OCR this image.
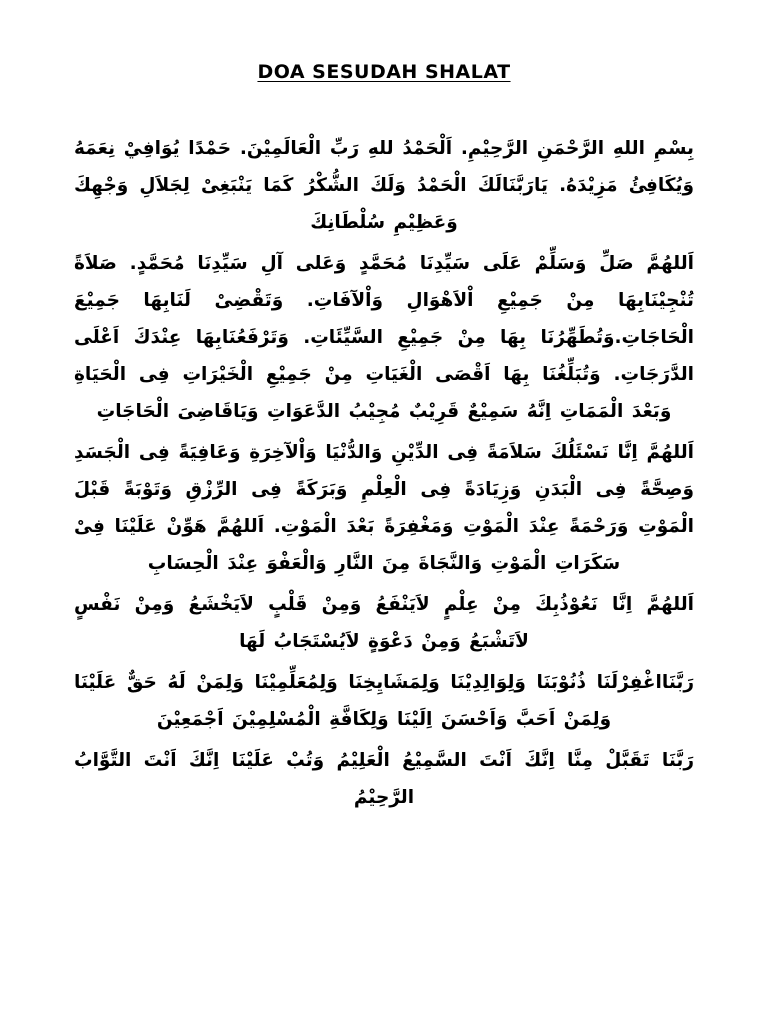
DOA SESUDAH SHALAT

بِسْمِ اللهِ الرَّحْمَنِ الرَّحِيْمِ. اَلْحَمْدُ للهِ رَبِّ الْعَالَمِيْنَ. حَمْدًا يُوَافِيْ نِعَمَهُ وَيُكَافِئُ مَزِيْدَهُ. يَارَبَّنَالَكَ الْحَمْدُ وَلَكَ الشُّكْرُ كَمَا يَنْبَغِىْ لِجَلاَلِ وَجْهِكَ وَعَظِيْمِ سُلْطَانِكَ

اَللهُمَّ صَلِّ وَسَلِّمْ عَلَى سَيِّدِنَا مُحَمَّدٍ وَعَلى آلِ سَيِّدِنَا مُحَمَّدٍ. صَلاَةً تُنْجِيْنَابِهَا مِنْ جَمِيْعِ اْلاَهْوَالِ وَاْلآفَاتِ. وَتَقْضِىْ لَنَابِهَا جَمِيْعَ الْحَاجَاتِ.وَتُطَهِّرُنَا بِهَا مِنْ جَمِيْعِ السَّيِّئَاتِ. وَتَرْفَعُنَابِهَا عِنْدَكَ اَعْلَى الدَّرَجَاتِ. وَتُبَلِّغُنَا بِهَا اَقْصَى الْغَيَاتِ مِنْ جَمِيْعِ الْخَيْرَاتِ فِى الْحَيَاةِ وَبَعْدَ الْمَمَاتِ اِنَّهُ سَمِيْعٌ قَرِيْبٌ مُجِيْبُ الدَّعَوَاتِ وَيَاقَاضِىَ الْحَاجَاتِ

اَللهُمَّ اِنَّا نَسْئَلُكَ سَلاَمَةً فِى الدِّيْنِ وَالدُّنْيَا وَاْلآخِرَةِ وَعَافِيَةً فِى الْجَسَدِ وَصِحَّةً فِى الْبَدَنِ وَزِيَادَةً فِى الْعِلْمِ وَبَرَكَةً فِى الرِّزْقِ وَتَوْبَةً قَبْلَ الْمَوْتِ وَرَحْمَةً عِنْدَ الْمَوْتِ وَمَغْفِرَةً بَعْدَ الْمَوْتِ. اَللهُمَّ هَوِّنْ عَلَيْنَا فِىْ سَكَرَاتِ الْمَوْتِ وَالنَّجَاةَ مِنَ النَّارِ وَالْعَفْوَ عِنْدَ الْحِسَابِ

اَللهُمَّ اِنَّا نَعُوْذُبِكَ مِنْ عِلْمٍ لاَيَنْفَعُ وَمِنْ قَلْبٍ لاَيَخْشَعُ وَمِنْ نَفْسٍ لاَتَشْبَعُ وَمِنْ دَعْوَةٍ لاَيُسْتَجَابُ لَهَا

رَبَّنَااغْفِرْلَنَا ذُنُوْبَنَا وَلِوَالِدِيْنَا وَلِمَشَايِخِنَا وَلِمُعَلِّمِيْنَا وَلِمَنْ لَهُ حَقٌّ عَلَيْنَا وَلِمَنْ اَحَبَّ وَاَحْسَنَ اِلَيْنَا وَلِكَافَّةِ الْمُسْلِمِيْنَ اَجْمَعِيْنَ

رَبَّنَا تَقَبَّلْ مِنَّا اِنَّكَ اَنْتَ السَّمِيْعُ الْعَلِيْمُ وَتُبْ عَلَيْنَا اِنَّكَ اَنْتَ التَّوَّابُ الرَّحِيْمُ
